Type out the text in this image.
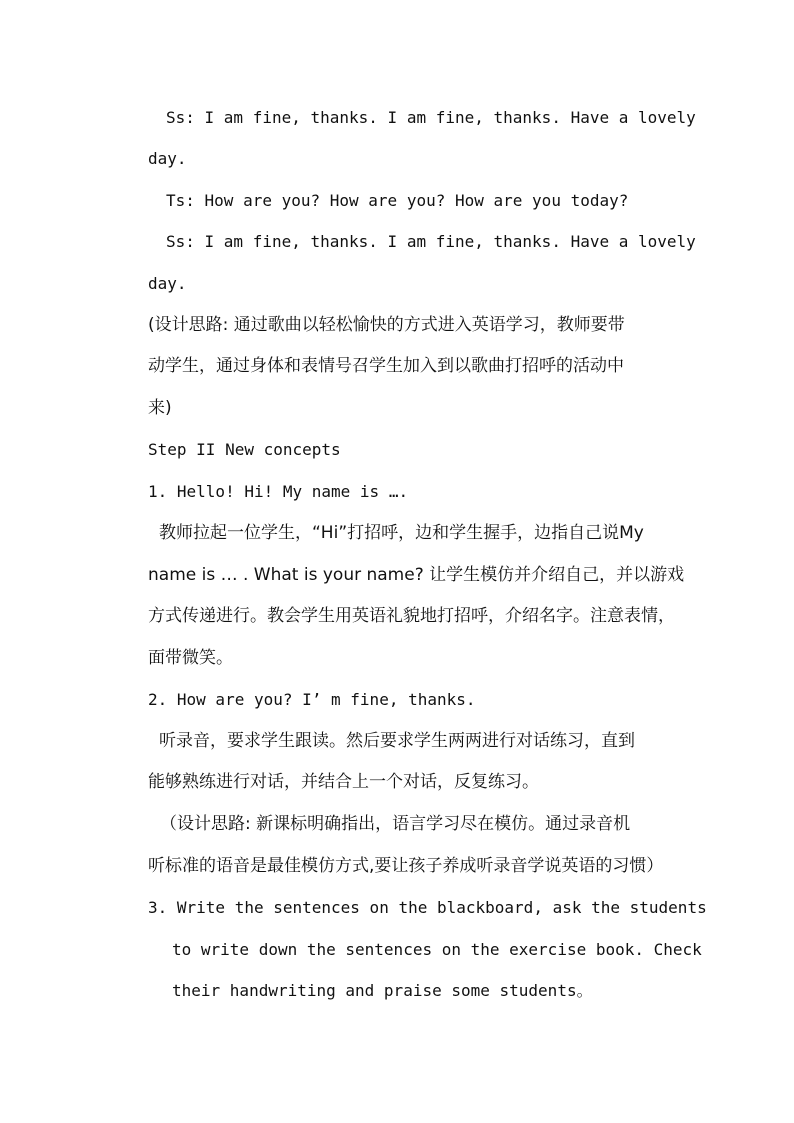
Ss: I am fine, thanks. I am fine, thanks. Have a lovely
day.
Ts: How are you? How are you? How are you today?
Ss: I am fine, thanks. I am fine, thanks. Have a lovely
day.
(设计思路: 通过歌曲以轻松愉快的方式进入英语学习，教师要带
动学生，通过身体和表情号召学生加入到以歌曲打招呼的活动中
来)
Step II New concepts
1. Hello! Hi! My name is ….
教师拉起一位学生，“Hi”打招呼，边和学生握手，边指自己说My
name is … . What is your name? 让学生模仿并介绍自己，并以游戏
方式传递进行。教会学生用英语礼貌地打招呼，介绍名字。注意表情，
面带微笑。
2. How are you? I’ m fine, thanks.
听录音，要求学生跟读。然后要求学生两两进行对话练习，直到
能够熟练进行对话，并结合上一个对话，反复练习。
（设计思路: 新课标明确指出，语言学习尽在模仿。通过录音机
听标准的语音是最佳模仿方式,要让孩子养成听录音学说英语的习惯）
3. Write the sentences on the blackboard, ask the students
to write down the sentences on the exercise book. Check
their handwriting and praise some students。
